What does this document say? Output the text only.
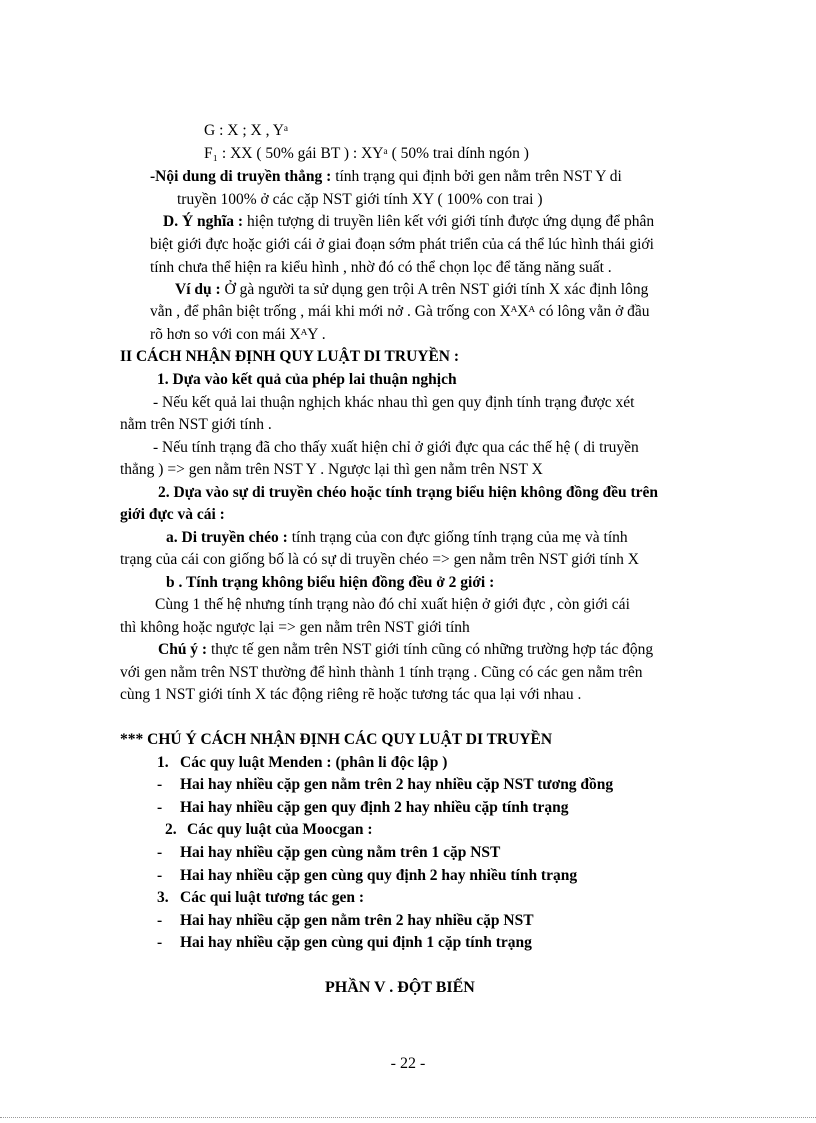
G : X ; X , Yᵃ
F₁ : XX ( 50% gái BT ) : XYᵃ ( 50% trai dính ngón )
-Nội dung di truyền thẳng : tính trạng qui định bởi gen nằm trên NST Y di
truyền 100% ở các cặp NST giới tính XY ( 100% con trai )
D. Ý nghĩa : hiện tượng di truyền liên kết với giới tính được ứng dụng để phân
biệt giới đực hoặc giới cái ở giai đoạn sớm phát triển của cá thể lúc hình thái giới
tính chưa thể hiện ra kiểu hình , nhờ đó có thể chọn lọc để tăng năng suất .
Ví dụ : Ở gà người ta sử dụng gen trội A trên NST giới tính X xác định lông
vằn , để phân biệt trống , mái khi mới nở . Gà trống con XᴬXᴬ có lông vằn ở đầu
rõ hơn so với con mái XᴬY .
II CÁCH NHẬN ĐỊNH QUY LUẬT DI TRUYỀN :
1. Dựa vào kết quả của phép lai thuận nghịch
- Nếu kết quả lai thuận nghịch khác nhau thì gen quy định tính trạng được xét
nằm trên NST giới tính .
- Nếu tính trạng đã cho thấy xuất hiện chỉ ở giới đực qua các thế hệ ( di truyền
thẳng ) => gen nằm trên NST Y . Ngược lại thì gen nằm trên NST X
2. Dựa vào sự di truyền chéo hoặc tính trạng biểu hiện không đồng đều trên
giới đực và cái :
a. Di truyền chéo : tính trạng của con đực giống tính trạng của mẹ và tính
trạng của cái con giống bố là có sự di truyền chéo => gen nằm trên NST giới tính X
b . Tính trạng không biểu hiện đồng đều ở 2 giới :
Cùng 1 thế hệ nhưng tính trạng nào đó chỉ xuất hiện ở giới đực , còn giới cái
thì không hoặc ngược lại => gen nằm trên NST giới tính
Chú ý : thực tế gen nằm trên NST giới tính cũng có những trường hợp tác động
với gen nằm trên NST thường để hình thành 1 tính trạng . Cũng có các gen nằm trên
cùng 1 NST giới tính X tác động riêng rẽ hoặc tương tác qua lại với nhau .
*** CHÚ Ý CÁCH NHẬN ĐỊNH CÁC QUY LUẬT DI TRUYỀN
1. Các quy luật Menden : (phân li độc lập )
- Hai hay nhiều cặp gen nằm trên 2 hay nhiều cặp NST tương đồng
- Hai hay nhiều cặp gen quy định 2 hay nhiều cặp tính trạng
2. Các quy luật của Moocgan :
- Hai hay nhiều cặp gen cùng nằm trên 1 cặp NST
- Hai hay nhiều cặp gen cùng quy định 2 hay nhiều tính trạng
3. Các qui luật tương tác gen :
- Hai hay nhiều cặp gen nằm trên 2 hay nhiều cặp NST
- Hai hay nhiều cặp gen cùng qui định 1 cặp tính trạng
PHẦN V . ĐỘT BIẾN
- 22 -
